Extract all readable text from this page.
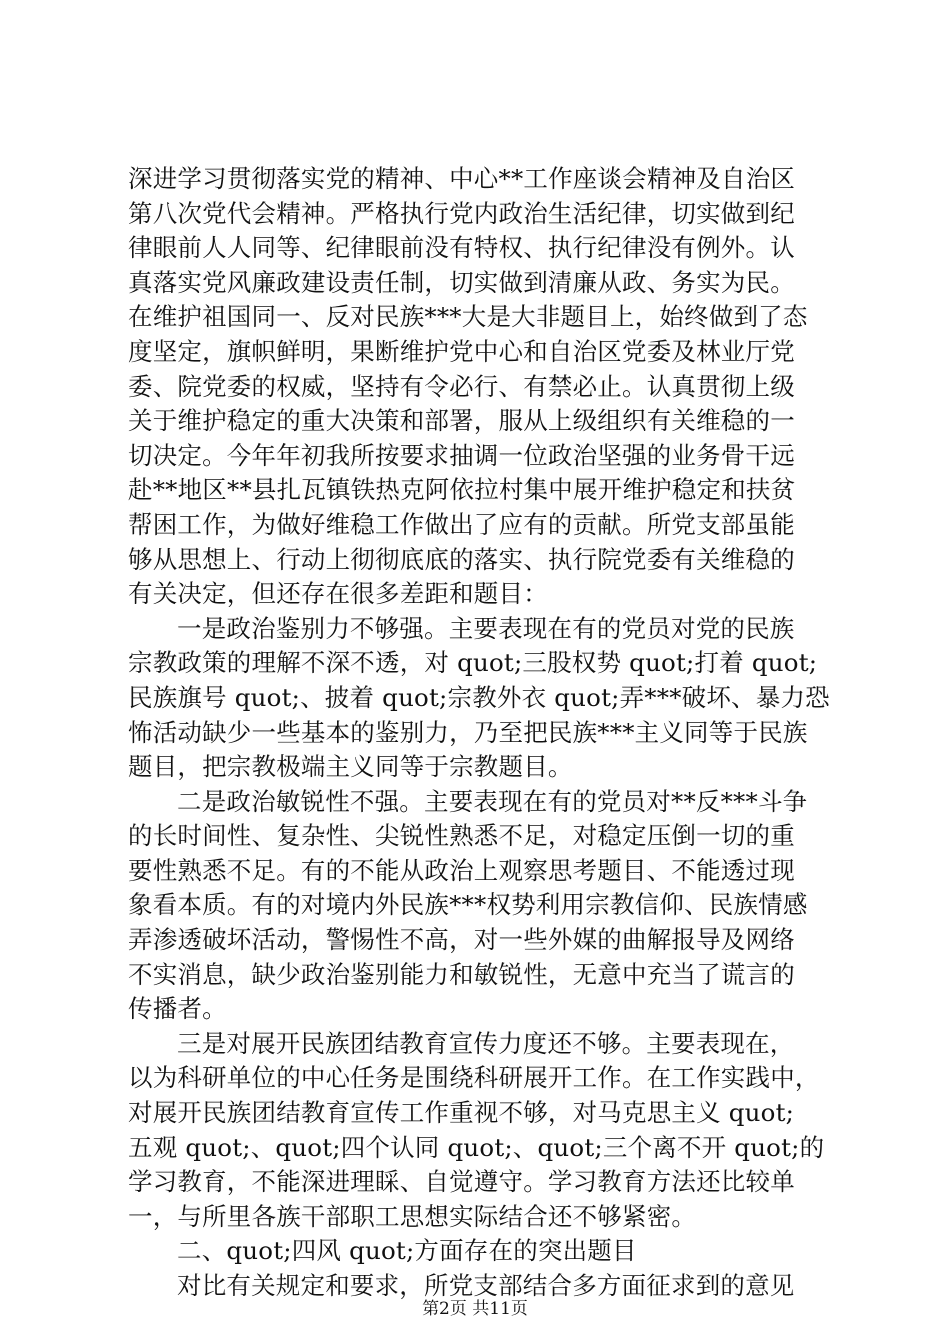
深进学习贯彻落实党的精神、中心**工作座谈会精神及自治区
第八次党代会精神。严格执行党内政治生活纪律，切实做到纪
律眼前人人同等、纪律眼前没有特权、执行纪律没有例外。认
真落实党风廉政建设责任制，切实做到清廉从政、务实为民。
在维护祖国同一、反对民族***大是大非题目上，始终做到了态
度坚定，旗帜鲜明，果断维护党中心和自治区党委及林业厅党
委、院党委的权威，坚持有令必行、有禁必止。认真贯彻上级
关于维护稳定的重大决策和部署，服从上级组织有关维稳的一
切决定。今年年初我所按要求抽调一位政治坚强的业务骨干远
赴**地区**县扎瓦镇铁热克阿依拉村集中展开维护稳定和扶贫
帮困工作，为做好维稳工作做出了应有的贡献。所党支部虽能
够从思想上、行动上彻彻底底的落实、执行院党委有关维稳的
有关决定，但还存在很多差距和题目：
一是政治鉴别力不够强。主要表现在有的党员对党的民族
宗教政策的理解不深不透，对 quot;三股权势 quot;打着 quot;
民族旗号 quot;、披着 quot;宗教外衣 quot;弄***破坏、暴力恐
怖活动缺少一些基本的鉴别力，乃至把民族***主义同等于民族
题目，把宗教极端主义同等于宗教题目。
二是政治敏锐性不强。主要表现在有的党员对**反***斗争
的长时间性、复杂性、尖锐性熟悉不足，对稳定压倒一切的重
要性熟悉不足。有的不能从政治上观察思考题目、不能透过现
象看本质。有的对境内外民族***权势利用宗教信仰、民族情感
弄渗透破坏活动，警惕性不高，对一些外媒的曲解报导及网络
不实消息，缺少政治鉴别能力和敏锐性，无意中充当了谎言的
传播者。
三是对展开民族团结教育宣传力度还不够。主要表现在，
以为科研单位的中心任务是围绕科研展开工作。在工作实践中，
对展开民族团结教育宣传工作重视不够，对马克思主义 quot;
五观 quot;、quot;四个认同 quot;、quot;三个离不开 quot;的
学习教育，不能深进理睬、自觉遵守。学习教育方法还比较单
一，与所里各族干部职工思想实际结合还不够紧密。
二、quot;四风 quot;方面存在的突出题目
对比有关规定和要求，所党支部结合多方面征求到的意见
第2页 共11页
